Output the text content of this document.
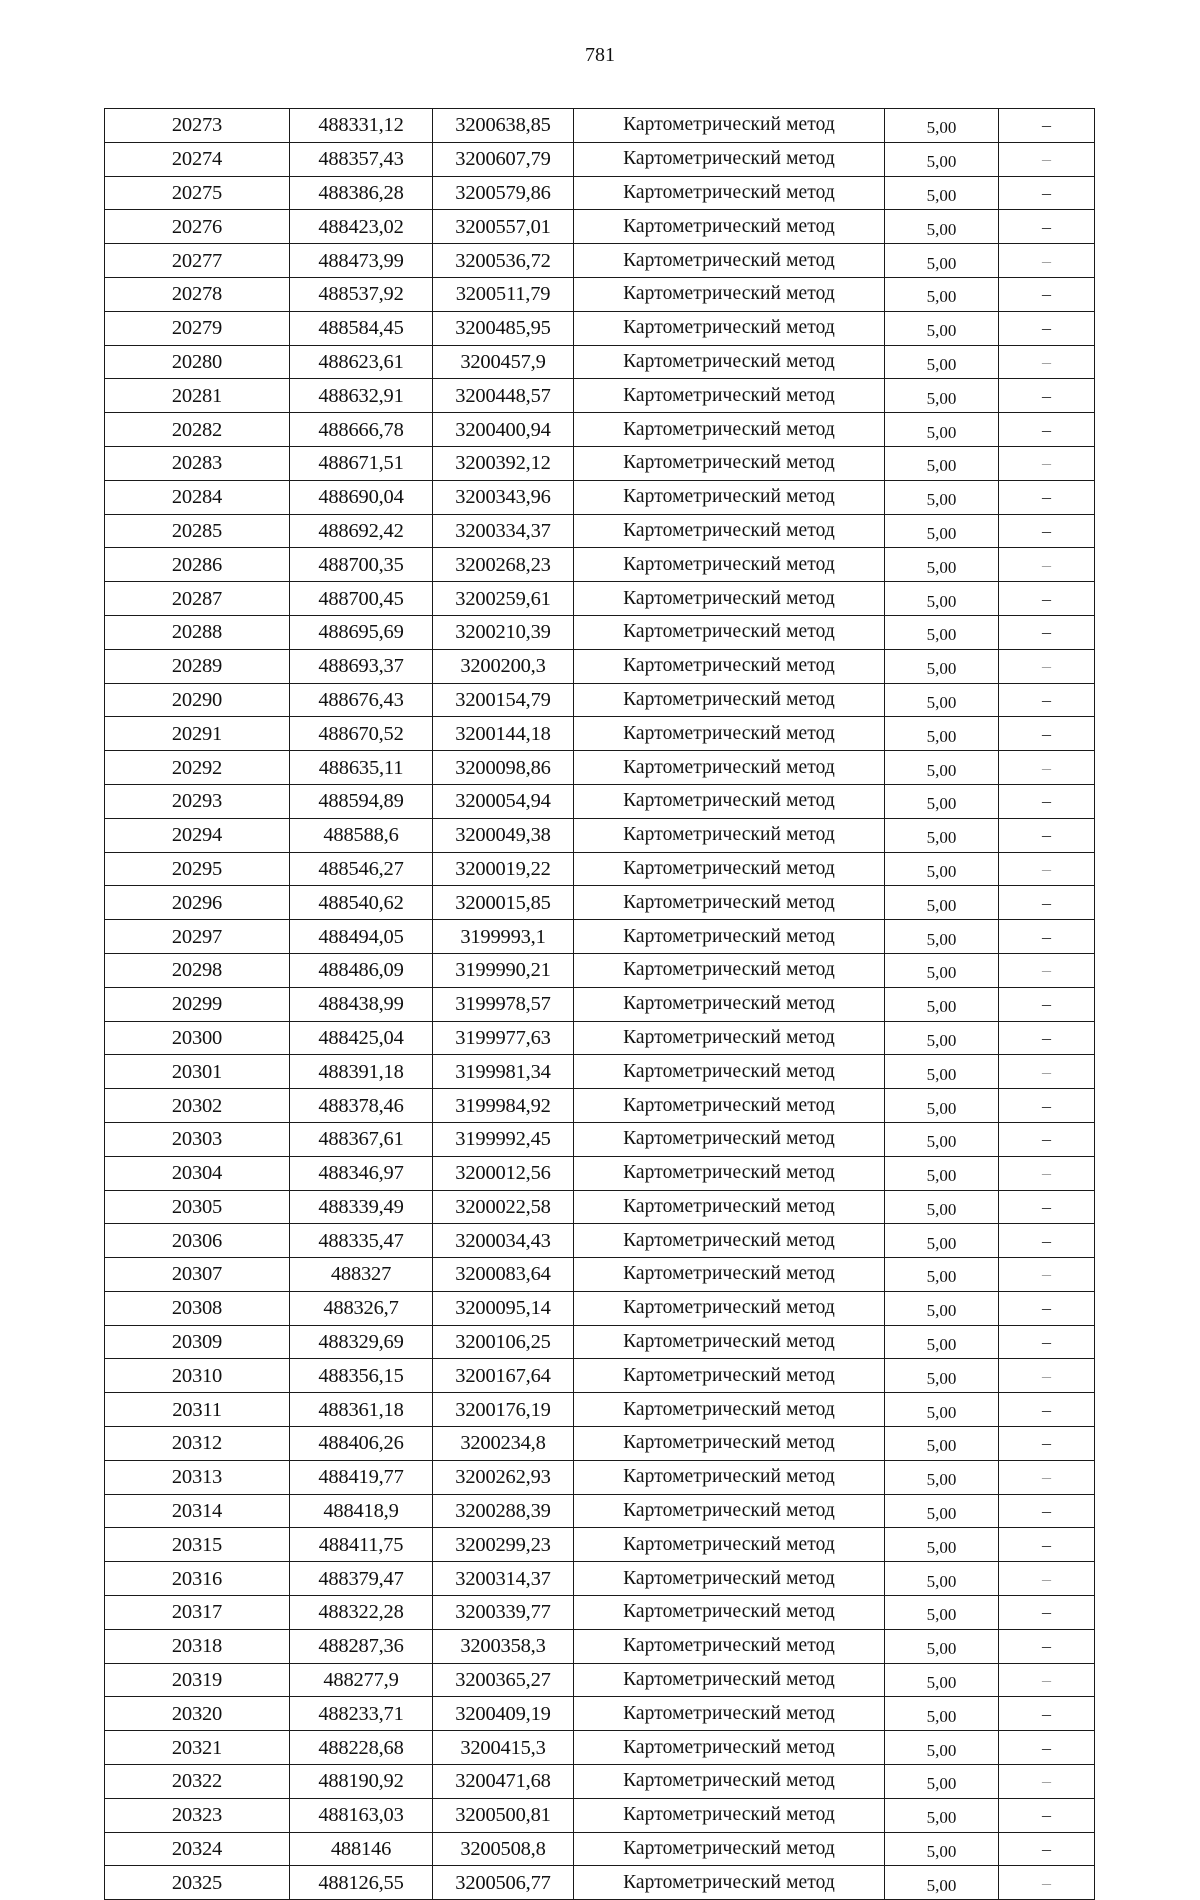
781
20273	488331,12	3200638,85	Картометрический метод	5,00	–
20274	488357,43	3200607,79	Картометрический метод	5,00	–
20275	488386,28	3200579,86	Картометрический метод	5,00	–
20276	488423,02	3200557,01	Картометрический метод	5,00	–
20277	488473,99	3200536,72	Картометрический метод	5,00	–
20278	488537,92	3200511,79	Картометрический метод	5,00	–
20279	488584,45	3200485,95	Картометрический метод	5,00	–
20280	488623,61	3200457,9	Картометрический метод	5,00	–
20281	488632,91	3200448,57	Картометрический метод	5,00	–
20282	488666,78	3200400,94	Картометрический метод	5,00	–
20283	488671,51	3200392,12	Картометрический метод	5,00	–
20284	488690,04	3200343,96	Картометрический метод	5,00	–
20285	488692,42	3200334,37	Картометрический метод	5,00	–
20286	488700,35	3200268,23	Картометрический метод	5,00	–
20287	488700,45	3200259,61	Картометрический метод	5,00	–
20288	488695,69	3200210,39	Картометрический метод	5,00	–
20289	488693,37	3200200,3	Картометрический метод	5,00	–
20290	488676,43	3200154,79	Картометрический метод	5,00	–
20291	488670,52	3200144,18	Картометрический метод	5,00	–
20292	488635,11	3200098,86	Картометрический метод	5,00	–
20293	488594,89	3200054,94	Картометрический метод	5,00	–
20294	488588,6	3200049,38	Картометрический метод	5,00	–
20295	488546,27	3200019,22	Картометрический метод	5,00	–
20296	488540,62	3200015,85	Картометрический метод	5,00	–
20297	488494,05	3199993,1	Картометрический метод	5,00	–
20298	488486,09	3199990,21	Картометрический метод	5,00	–
20299	488438,99	3199978,57	Картометрический метод	5,00	–
20300	488425,04	3199977,63	Картометрический метод	5,00	–
20301	488391,18	3199981,34	Картометрический метод	5,00	–
20302	488378,46	3199984,92	Картометрический метод	5,00	–
20303	488367,61	3199992,45	Картометрический метод	5,00	–
20304	488346,97	3200012,56	Картометрический метод	5,00	–
20305	488339,49	3200022,58	Картометрический метод	5,00	–
20306	488335,47	3200034,43	Картометрический метод	5,00	–
20307	488327	3200083,64	Картометрический метод	5,00	–
20308	488326,7	3200095,14	Картометрический метод	5,00	–
20309	488329,69	3200106,25	Картометрический метод	5,00	–
20310	488356,15	3200167,64	Картометрический метод	5,00	–
20311	488361,18	3200176,19	Картометрический метод	5,00	–
20312	488406,26	3200234,8	Картометрический метод	5,00	–
20313	488419,77	3200262,93	Картометрический метод	5,00	–
20314	488418,9	3200288,39	Картометрический метод	5,00	–
20315	488411,75	3200299,23	Картометрический метод	5,00	–
20316	488379,47	3200314,37	Картометрический метод	5,00	–
20317	488322,28	3200339,77	Картометрический метод	5,00	–
20318	488287,36	3200358,3	Картометрический метод	5,00	–
20319	488277,9	3200365,27	Картометрический метод	5,00	–
20320	488233,71	3200409,19	Картометрический метод	5,00	–
20321	488228,68	3200415,3	Картометрический метод	5,00	–
20322	488190,92	3200471,68	Картометрический метод	5,00	–
20323	488163,03	3200500,81	Картометрический метод	5,00	–
20324	488146	3200508,8	Картометрический метод	5,00	–
20325	488126,55	3200506,77	Картометрический метод	5,00	–
